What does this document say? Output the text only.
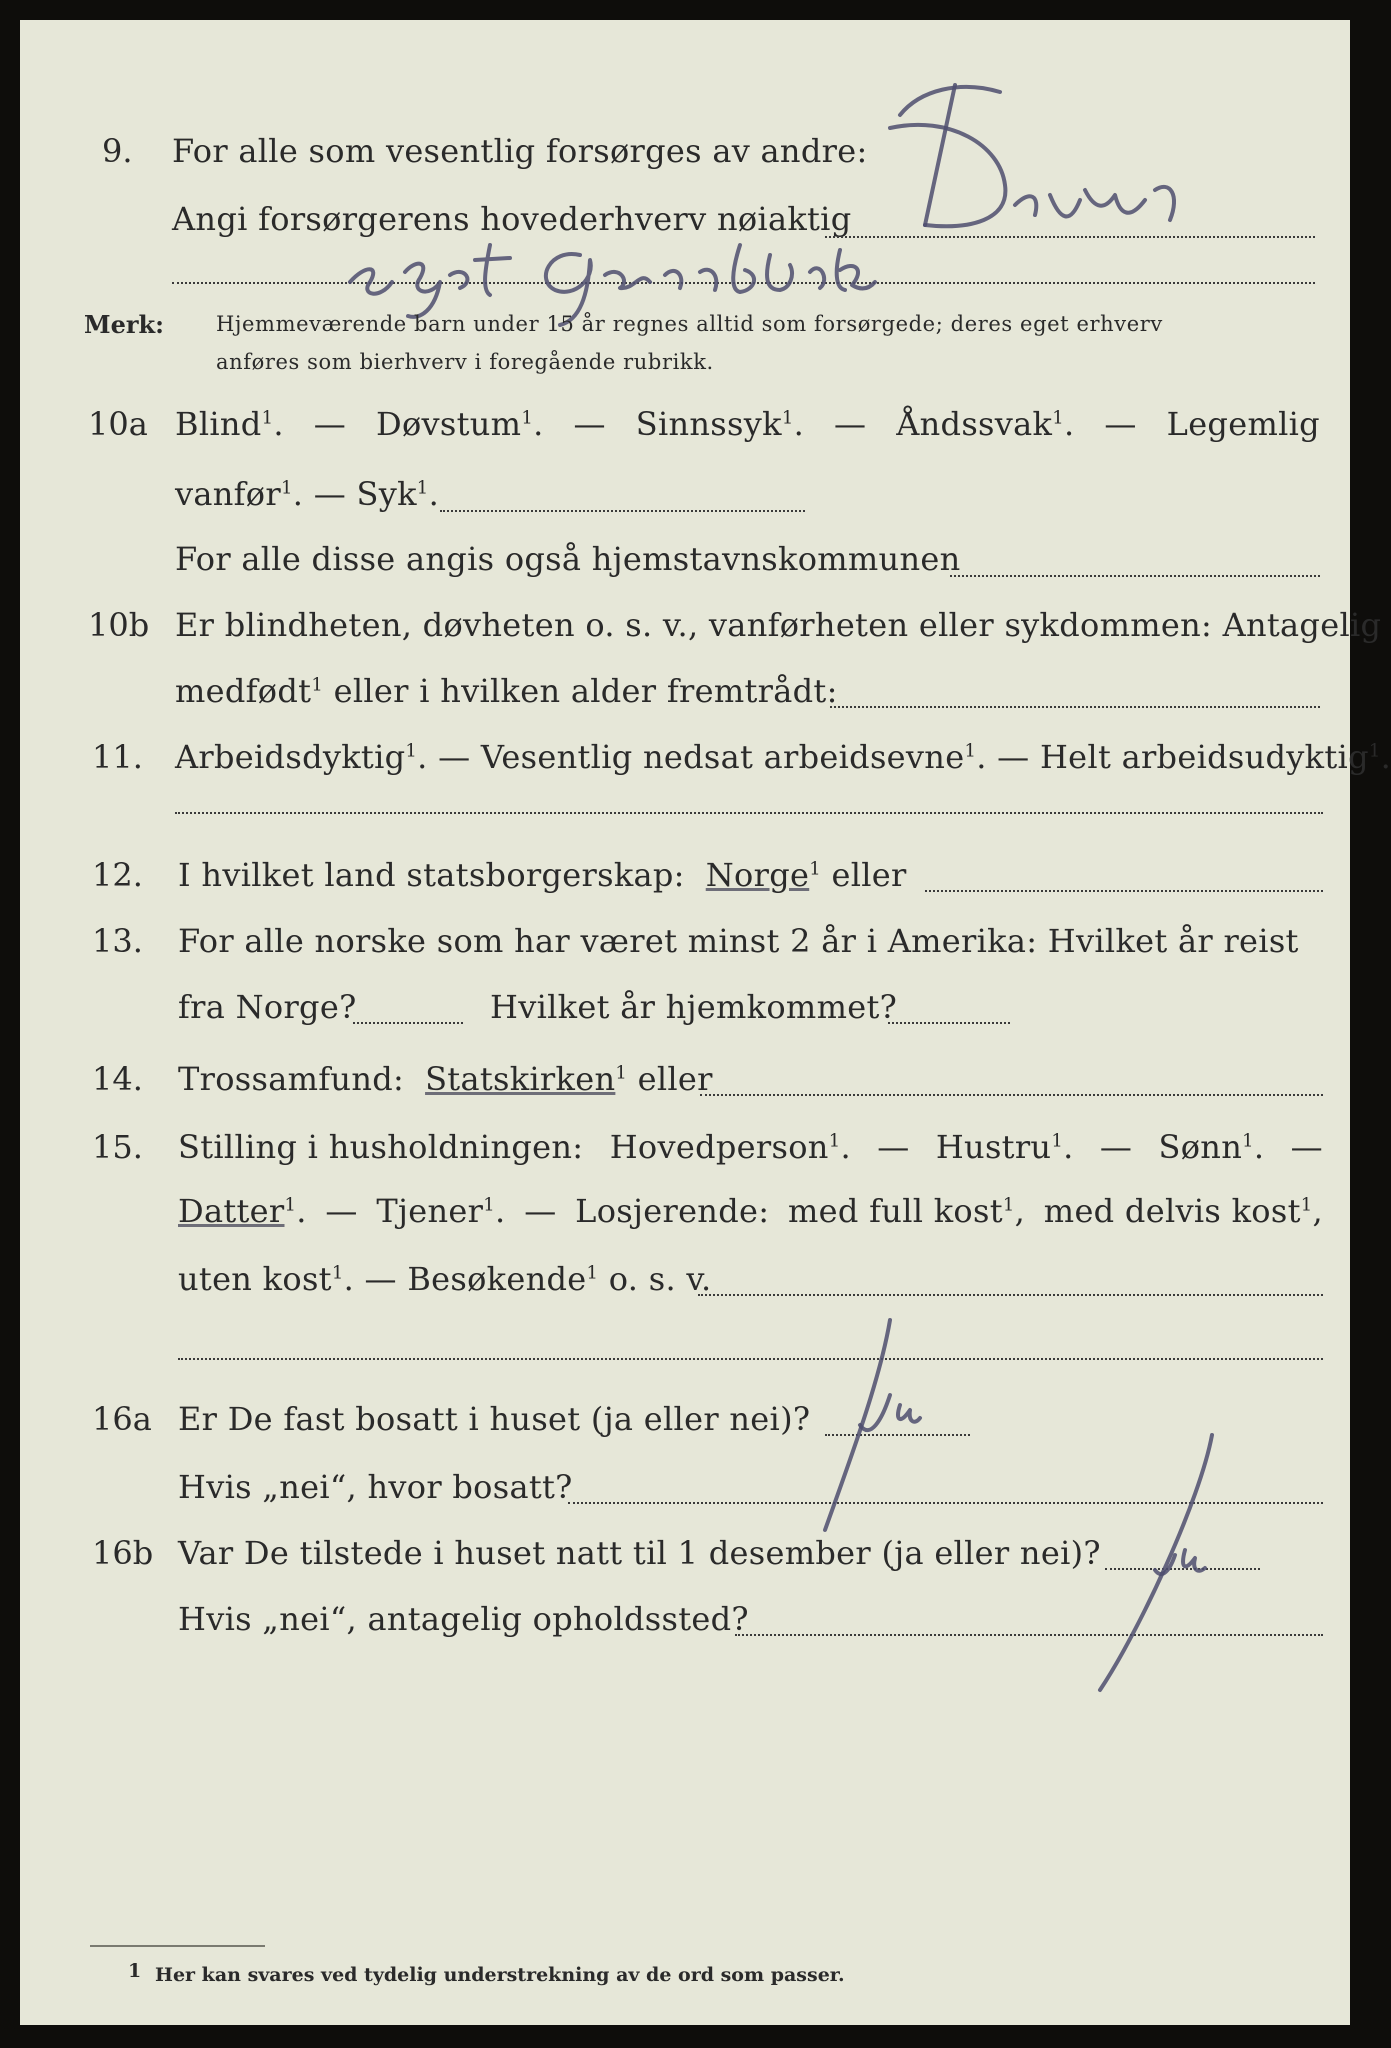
9. For alle som vesentlig forsørges av andre:
Angi forsørgerens hovederhverv nøiaktig
Merk: Hjemmeværende barn under 15 år regnes alltid som forsørgede; deres eget erhverv
anføres som bierhverv i foregående rubrikk.
10a Blind$^1$. — Døvstum$^1$. — Sinnssyk$^1$. — Åndssvak$^1$. — Legemlig
vanfør$^1$. — Syk$^1$.
For alle disse angis også hjemstavnskommunen
10b Er blindheten, døvheten o. s. v., vanførheten eller sykdommen: Antagelig
medfødt$^1$ eller i hvilken alder fremtrådt:
11. Arbeidsdyktig$^1$. — Vesentlig nedsat arbeidsevne$^1$. — Helt arbeidsudyktig$^1$.
12. I hvilket land statsborgerskap: Norge$^1$ eller
13. For alle norske som har været minst 2 år i Amerika: Hvilket år reist
fra Norge?	Hvilket år hjemkommet?
14. Trossamfund: Statskirken$^1$ eller
15. Stilling i husholdningen: Hovedperson$^1$. — Hustru$^1$. — Sønn$^1$. —
Datter$^1$. — Tjener$^1$. — Losjerende: med full kost$^1$, med delvis kost$^1$,
uten kost$^1$. — Besøkende$^1$ o. s. v.
16a Er De fast bosatt i huset (ja eller nei)?
Hvis „nei“, hvor bosatt?
16b Var De tilstede i huset natt til 1 desember (ja eller nei)?
Hvis „nei“, antagelig opholdssted?
1 Her kan svares ved tydelig understrekning av de ord som passer.
